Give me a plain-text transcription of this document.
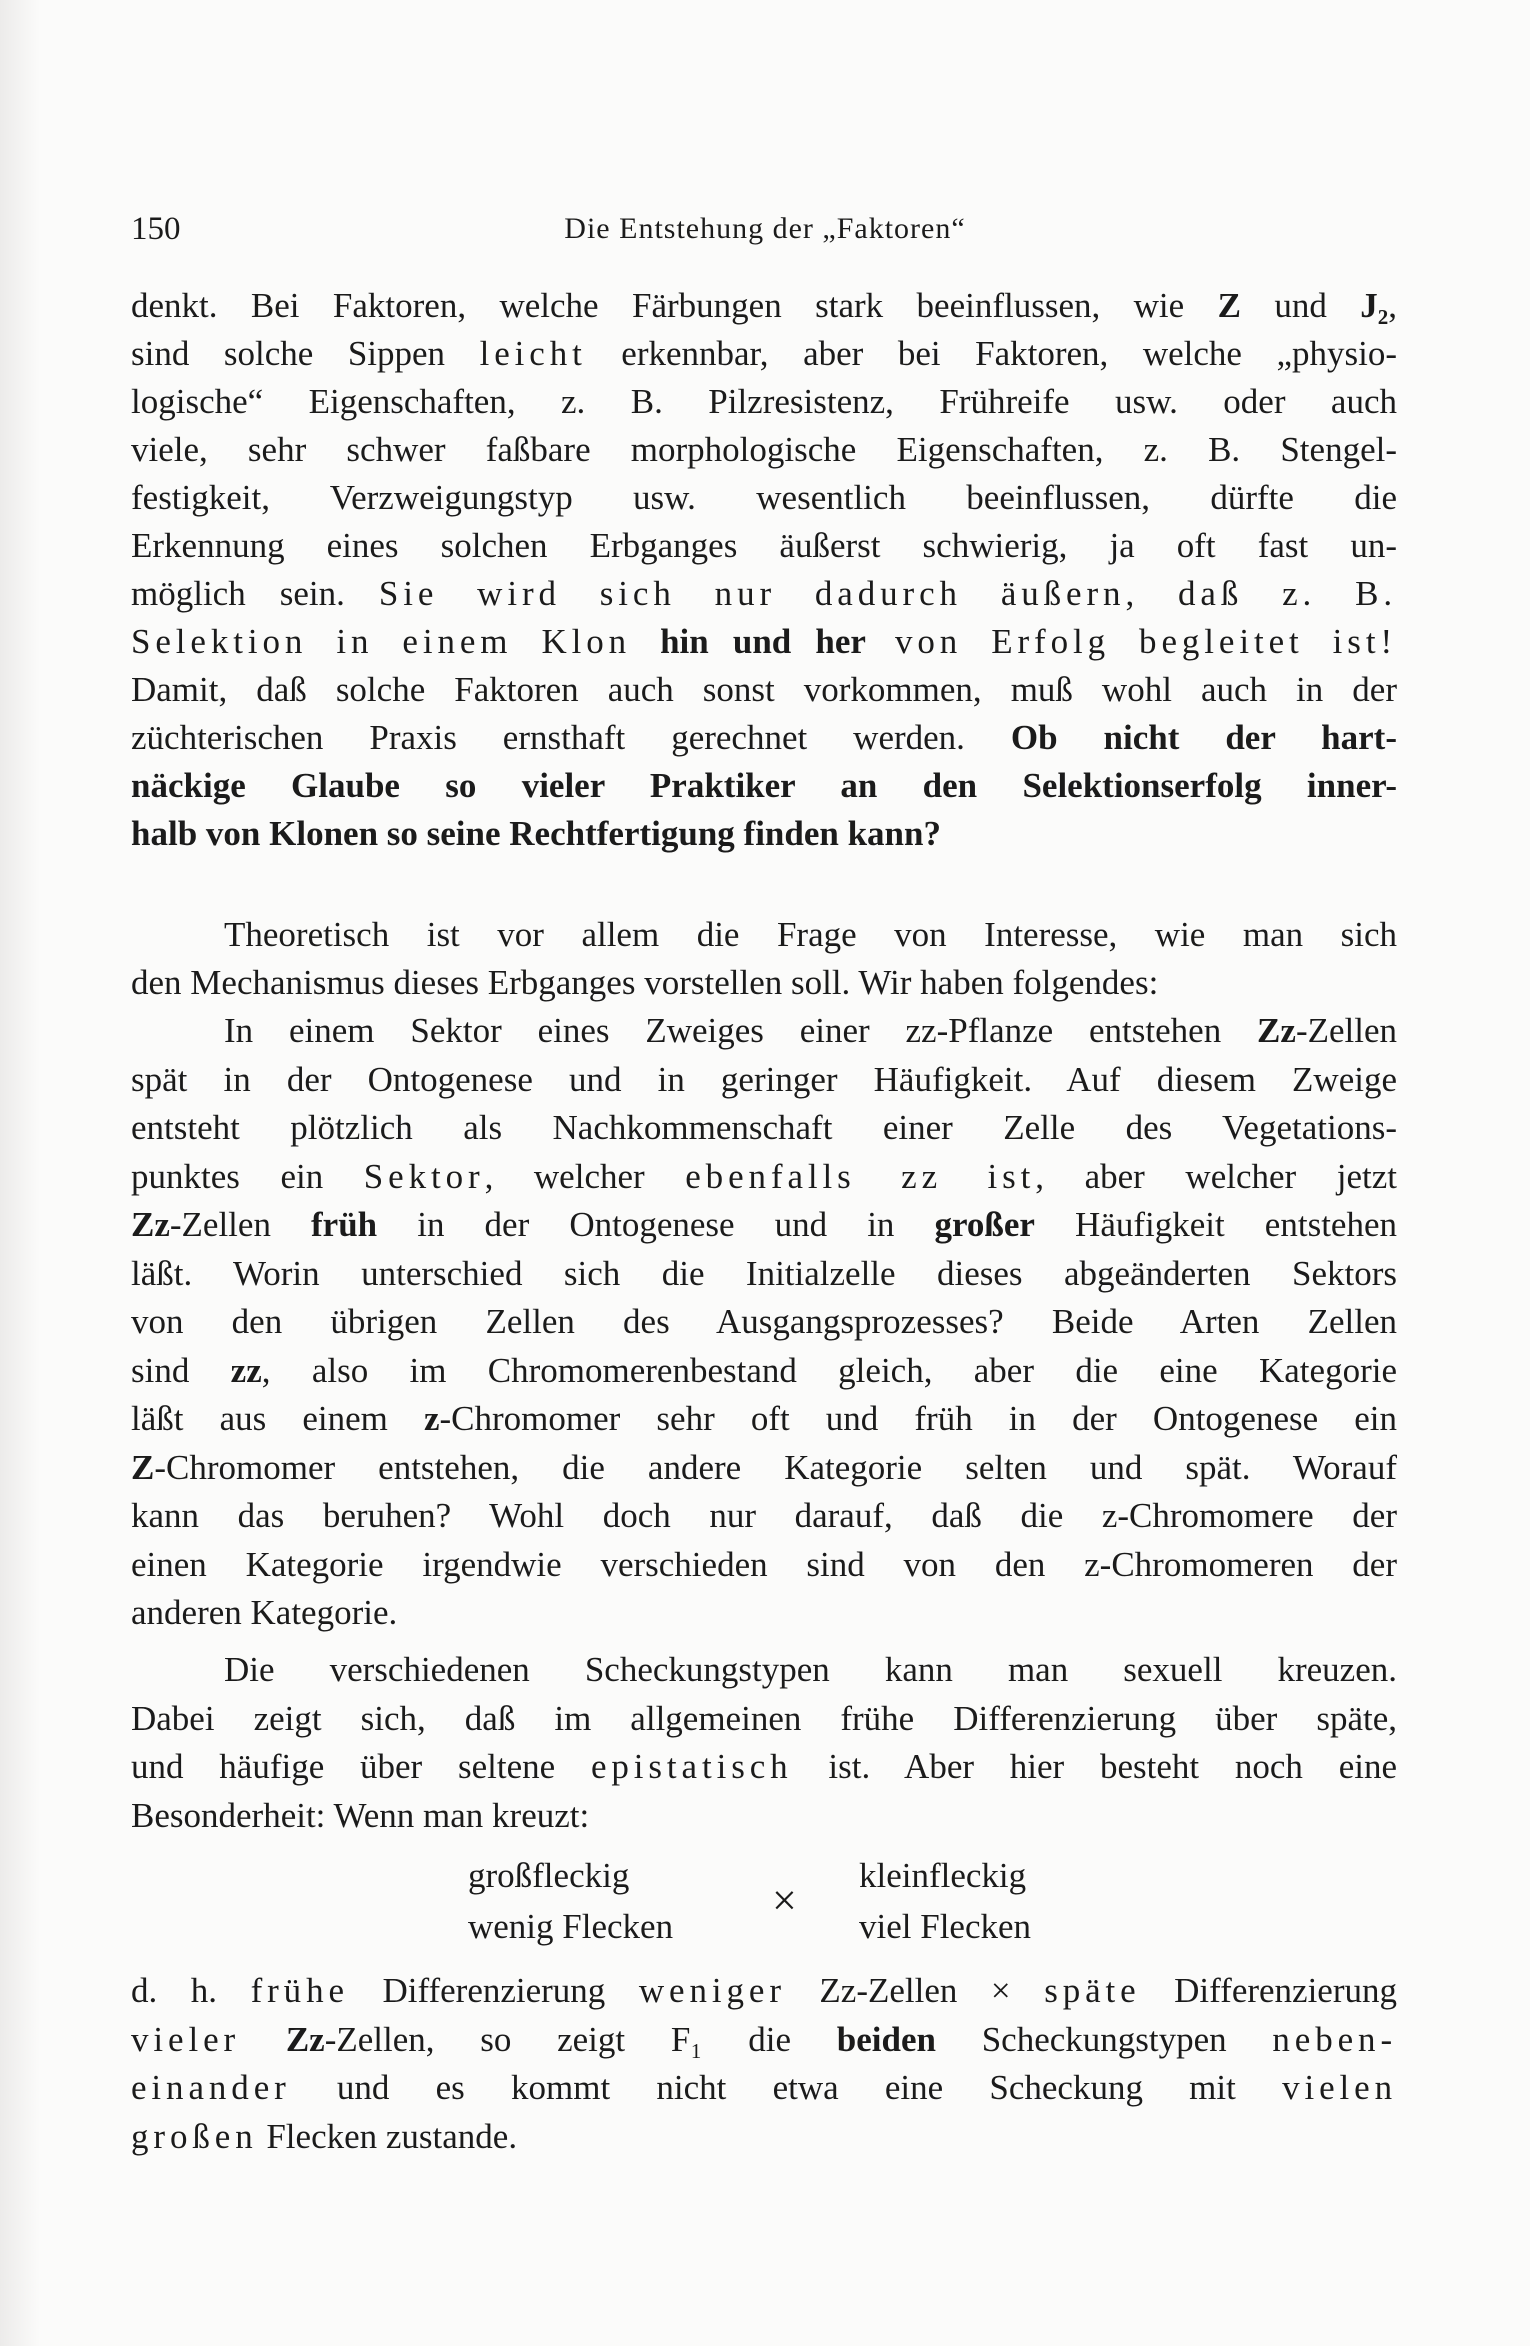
150	Die Entstehung der „Faktoren“
denkt. Bei Faktoren, welche Färbungen stark beeinflussen, wie Z und J₂,
sind solche Sippen leicht erkennbar, aber bei Faktoren, welche „physio-
logische“ Eigenschaften, z. B. Pilzresistenz, Frühreife usw. oder auch
viele, sehr schwer faßbare morphologische Eigenschaften, z. B. Stengel-
festigkeit, Verzweigungstyp usw. wesentlich beeinflussen, dürfte die
Erkennung eines solchen Erbganges äußerst schwierig, ja oft fast un-
möglich sein. Sie wird sich nur dadurch äußern, daß z. B.
Selektion in einem Klon hin und her von Erfolg begleitet ist!
Damit, daß solche Faktoren auch sonst vorkommen, muß wohl auch in der
züchterischen Praxis ernsthaft gerechnet werden. Ob nicht der hart-
näckige Glaube so vieler Praktiker an den Selektionserfolg inner-
halb von Klonen so seine Rechtfertigung finden kann?
Theoretisch ist vor allem die Frage von Interesse, wie man sich
den Mechanismus dieses Erbganges vorstellen soll. Wir haben folgendes:
In einem Sektor eines Zweiges einer zz-Pflanze entstehen Zz-Zellen
spät in der Ontogenese und in geringer Häufigkeit. Auf diesem Zweige
entsteht plötzlich als Nachkommenschaft einer Zelle des Vegetations-
punktes ein Sektor, welcher ebenfalls zz ist, aber welcher jetzt
Zz-Zellen früh in der Ontogenese und in großer Häufigkeit entstehen
läßt. Worin unterschied sich die Initialzelle dieses abgeänderten Sektors
von den übrigen Zellen des Ausgangsprozesses? Beide Arten Zellen
sind zz, also im Chromomerenbestand gleich, aber die eine Kategorie
läßt aus einem z-Chromomer sehr oft und früh in der Ontogenese ein
Z-Chromomer entstehen, die andere Kategorie selten und spät. Worauf
kann das beruhen? Wohl doch nur darauf, daß die z-Chromomere der
einen Kategorie irgendwie verschieden sind von den z-Chromomeren der
anderen Kategorie.
Die verschiedenen Scheckungstypen kann man sexuell kreuzen.
Dabei zeigt sich, daß im allgemeinen frühe Differenzierung über späte,
und häufige über seltene epistatisch ist. Aber hier besteht noch eine
Besonderheit: Wenn man kreuzt:
d. h. frühe Differenzierung weniger Zz-Zellen × späte Differenzierung
vieler Zz-Zellen, so zeigt F₁ die beiden Scheckungstypen neben-
einander und es kommt nicht etwa eine Scheckung mit vielen
großen Flecken zustande.
großfleckig
wenig Flecken
×
kleinfleckig
viel Flecken
